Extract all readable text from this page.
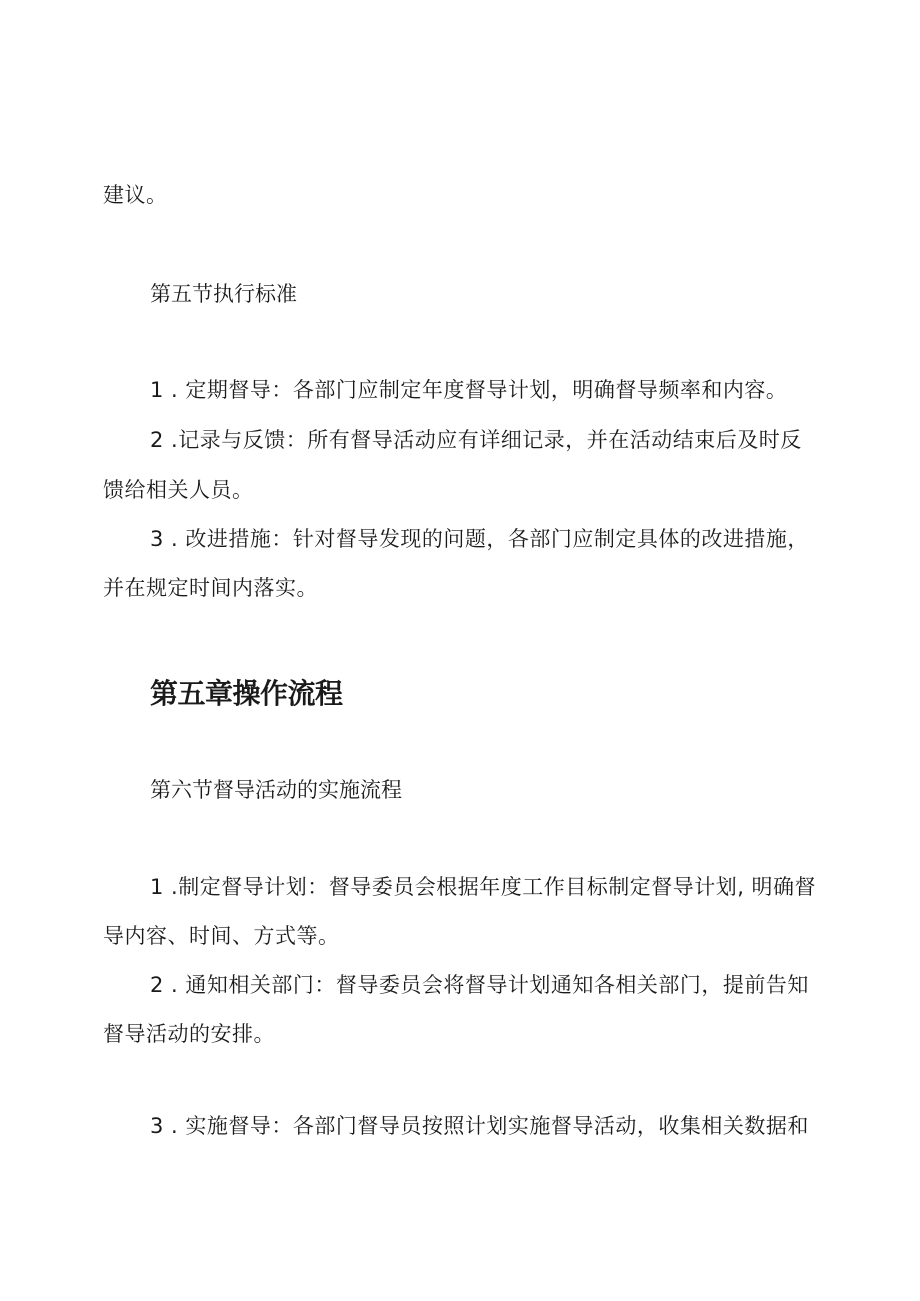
建议。

第五节执行标准

1 . 定期督导：各部门应制定年度督导计划，明确督导频率和内容。

2 .记录与反馈：所有督导活动应有详细记录，并在活动结束后及时反

馈给相关人员。

3 . 改进措施：针对督导发现的问题，各部门应制定具体的改进措施，

并在规定时间内落实。

第五章操作流程

第六节督导活动的实施流程

1 .制定督导计划：督导委员会根据年度工作目标制定督导计划, 明确督

导内容、时间、方式等。

2 . 通知相关部门：督导委员会将督导计划通知各相关部门，提前告知

督导活动的安排。

3 . 实施督导：各部门督导员按照计划实施督导活动，收集相关数据和
